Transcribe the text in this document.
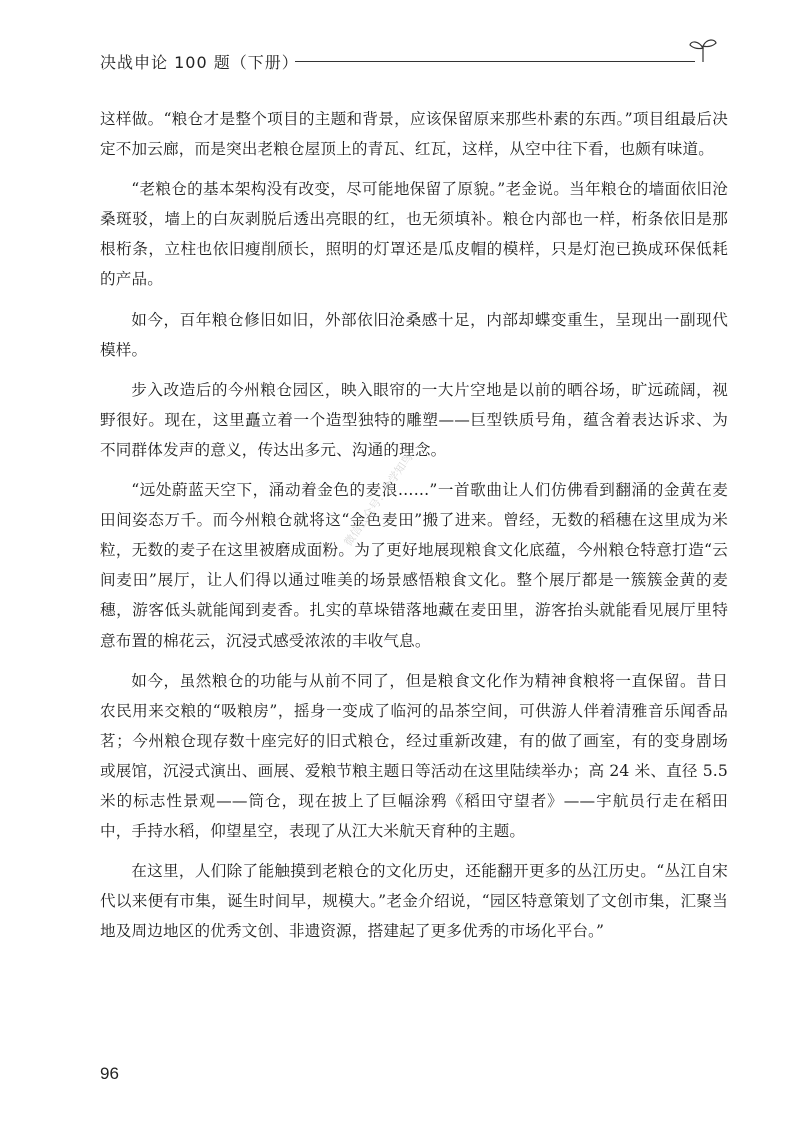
决战申论 100 题（下册）

这样做。“粮仓才是整个项目的主题和背景，应该保留原来那些朴素的东西。”项目组最后决定不加云廊，而是突出老粮仓屋顶上的青瓦、红瓦，这样，从空中往下看，也颇有味道。

“老粮仓的基本架构没有改变，尽可能地保留了原貌。”老金说。当年粮仓的墙面依旧沧桑斑驳，墙上的白灰剥脱后透出亮眼的红，也无须填补。粮仓内部也一样，桁条依旧是那根桁条，立柱也依旧瘦削颀长，照明的灯罩还是瓜皮帽的模样，只是灯泡已换成环保低耗的产品。

如今，百年粮仓修旧如旧，外部依旧沧桑感十足，内部却蝶变重生，呈现出一副现代模样。

步入改造后的今州粮仓园区，映入眼帘的一大片空地是以前的晒谷场，旷远疏阔，视野很好。现在，这里矗立着一个造型独特的雕塑——巨型铁质号角，蕴含着表达诉求、为不同群体发声的意义，传达出多元、沟通的理念。

“远处蔚蓝天空下，涌动着金色的麦浪……”一首歌曲让人们仿佛看到翻涌的金黄在麦田间姿态万千。而今州粮仓就将这“金色麦田”搬了进来。曾经，无数的稻穗在这里成为米粒，无数的麦子在这里被磨成面粉。为了更好地展现粮食文化底蕴，今州粮仓特意打造“云间麦田”展厅，让人们得以通过唯美的场景感悟粮食文化。整个展厅都是一簇簇金黄的麦穗，游客低头就能闻到麦香。扎实的草垛错落地藏在麦田里，游客抬头就能看见展厅里特意布置的棉花云，沉浸式感受浓浓的丰收气息。

如今，虽然粮仓的功能与从前不同了，但是粮食文化作为精神食粮将一直保留。昔日农民用来交粮的“吸粮房”，摇身一变成了临河的品茶空间，可供游人伴着清雅音乐闻香品茗；今州粮仓现存数十座完好的旧式粮仓，经过重新改建，有的做了画室，有的变身剧场或展馆，沉浸式演出、画展、爱粮节粮主题日等活动在这里陆续举办；高 24 米、直径 5.5 米的标志性景观——筒仓，现在披上了巨幅涂鸦《稻田守望者》——宇航员行走在稻田中，手持水稻，仰望星空，表现了从江大米航天育种的主题。

在这里，人们除了能触摸到老粮仓的文化历史，还能翻开更多的丛江历史。“丛江自宋代以来便有市集，诞生时间早，规模大。”老金介绍说，“园区特意策划了文创市集，汇聚当地及周边地区的优秀文创、非遗资源，搭建起了更多优秀的市场化平台。”

微信公众号：众学知鸟
96
